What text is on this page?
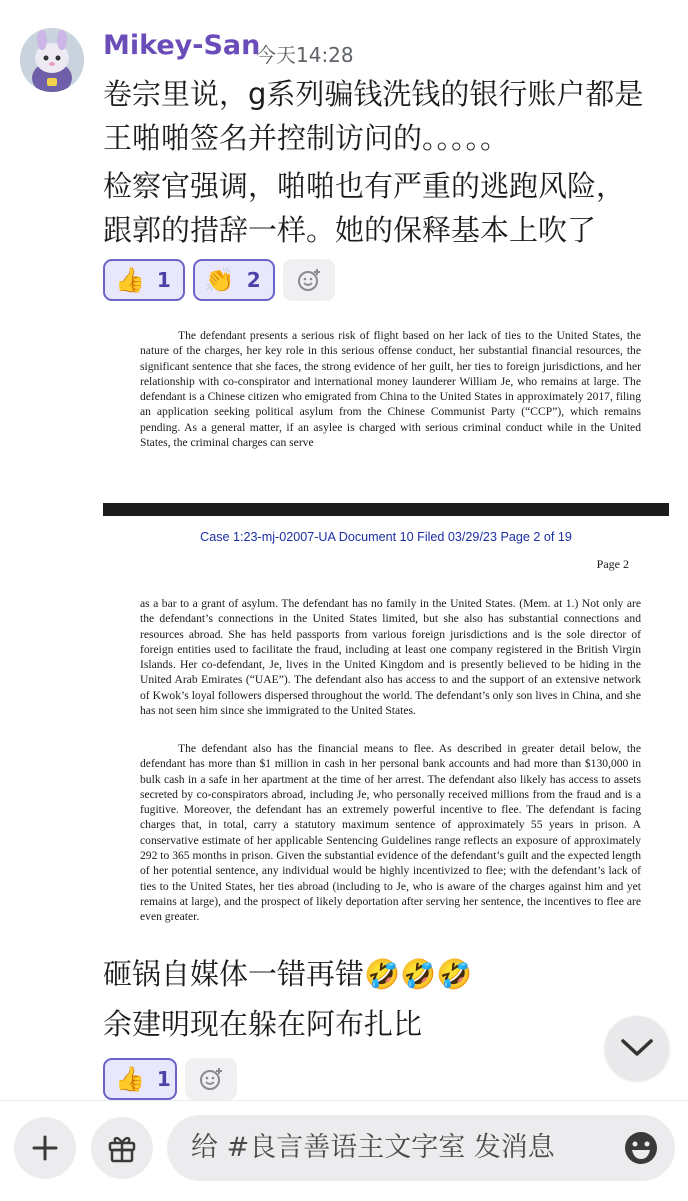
Mikey-San
今天14:28
卷宗里说，g系列骗钱洗钱的银行账户都是
王啪啪签名并控制访问的。。。。。
检察官强调，啪啪也有严重的逃跑风险，
跟郭的措辞一样。她的保释基本上吹了
👍 1 👏 2

The defendant presents a serious risk of flight based on her lack of ties to the United States, the nature of the charges, her key role in this serious offense conduct, her substantial financial resources, the significant sentence that she faces, the strong evidence of her guilt, her ties to foreign jurisdictions, and her relationship with co-conspirator and international money launderer William Je, who remains at large. The defendant is a Chinese citizen who emigrated from China to the United States in approximately 2017, filing an application seeking political asylum from the Chinese Communist Party (“CCP”), which remains pending. As a general matter, if an asylee is charged with serious criminal conduct while in the United States, the criminal charges can serve

Case 1:23-mj-02007-UA Document 10 Filed 03/29/23 Page 2 of 19
Page 2

as a bar to a grant of asylum. The defendant has no family in the United States. (Mem. at 1.) Not only are the defendant’s connections in the United States limited, but she also has substantial connections and resources abroad. She has held passports from various foreign jurisdictions and is the sole director of foreign entities used to facilitate the fraud, including at least one company registered in the British Virgin Islands. Her co-defendant, Je, lives in the United Kingdom and is presently believed to be hiding in the United Arab Emirates (“UAE”). The defendant also has access to and the support of an extensive network of Kwok’s loyal followers dispersed throughout the world. The defendant’s only son lives in China, and she has not seen him since she immigrated to the United States.

The defendant also has the financial means to flee. As described in greater detail below, the defendant has more than $1 million in cash in her personal bank accounts and had more than $130,000 in bulk cash in a safe in her apartment at the time of her arrest. The defendant also likely has access to assets secreted by co-conspirators abroad, including Je, who personally received millions from the fraud and is a fugitive. Moreover, the defendant has an extremely powerful incentive to flee. The defendant is facing charges that, in total, carry a statutory maximum sentence of approximately 55 years in prison. A conservative estimate of her applicable Sentencing Guidelines range reflects an exposure of approximately 292 to 365 months in prison. Given the substantial evidence of the defendant’s guilt and the expected length of her potential sentence, any individual would be highly incentivized to flee; with the defendant’s lack of ties to the United States, her ties abroad (including to Je, who is aware of the charges against him and yet remains at large), and the prospect of likely deportation after serving her sentence, the incentives to flee are even greater.

砸锅自媒体一错再错🤣🤣🤣
余建明现在躲在阿布扎比
👍 1
给 #良言善语主文字室 发消息
